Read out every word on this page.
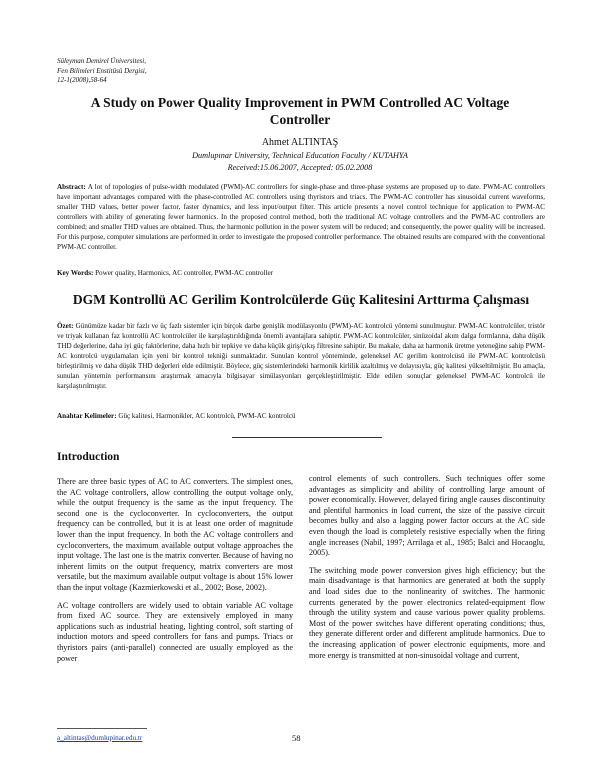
Süleyman Demirel Üniversitesi,
Fen Bilimleri Enstitüsü Dergisi,
12-1(2008),58-64
A Study on Power Quality Improvement in PWM Controlled AC Voltage Controller
Ahmet ALTINTAŞ
Dumlupınar University, Technical Education Faculty / KUTAHYA
Received:15.06.2007, Accepted: 05.02.2008
Abstract: A lot of topologies of pulse-width modulated (PWM)-AC controllers for single-phase and three-phase systems are proposed up to date. PWM-AC controllers have important advantages compared with the phase-controlled AC controllers using thyristors and triacs. The PWM-AC controller has sinusoidal current waveforms, smaller THD values, better power factor, faster dynamics, and less input/output filter. This article presents a novel control technique for application to PWM-AC controllers with ability of generating fewer harmonics. In the proposed control method, both the traditional AC voltage controllers and the PWM-AC controllers are combined; and smaller THD values are obtained. Thus, the harmonic pollution in the power system will be reduced; and consequently, the power quality will be increased. For this purpose, computer simulations are performed in order to investigate the proposed controller performance. The obtained results are compared with the conventional PWM-AC controller.
Key Words: Power quality, Harmonics, AC controller, PWM-AC controller
DGM Kontrollü AC Gerilim Kontrolcülerde Güç Kalitesini Arttırma Çalışması
Özet: Günümüze kadar bir fazlı ve üç fazlı sistemler için birçok darbe genişlik modülasyonlu (PWM)-AC kontrolcü yöntemi sunulmuştur. PWM-AC kontrolcüler, tristör ve triyak kullanan faz kontrollü AC kontrolcüler ile karşılaştırıldığında önemli avantajlara sahiptir. PWM-AC kontrolcüler, sinüzoidal akım dalga formlarına, daha düşük THD değerlerine, daha iyi güç faktörlerine, daha hızlı bir tepkiye ve daha küçük giriş/çıkış filtresine sahiptir. Bu makale, daha az harmonik üretme yeteneğine sahip PWM-AC kontrolcü uygulamaları için yeni bir kontrol tekniği sunmaktadır. Sunulan kontrol yönteminde, geleneksel AC gerilim kontrolcüsü ile PWM-AC kontrolcüsü birleştirilmiş ve daha düşük THD değerleri elde edilmiştir. Böylece, güç sistemlerindeki harmonik kirlilik azaltılmış ve dolayısıyla, güç kalitesi yükseltilmiştir. Bu amaçla, sunulan yöntemin performansını araştırmak amacıyla bilgisayar simülasyonları gerçekleştirilmiştir. Elde edilen sonuçlar geleneksel PWM-AC kontrolcü ile karşılaştırılmıştır.
Anahtar Kelimeler: Güç kalitesi, Harmonikler, AC kontrolcü, PWM-AC kontrolcü
Introduction

There are three basic types of AC to AC converters. The simplest ones, the AC voltage controllers, allow controlling the output voltage only, while the output frequency is the same as the input frequency. The second one is the cycloconverter. In cycloconverters, the output frequency can be controlled, but it is at least one order of magnitude lower than the input frequency. In both the AC voltage controllers and cycloconverters, the maximum available output voltage approaches the input voltage. The last one is the matrix converter. Because of having no inherent limits on the output frequency, matrix converters are most versatile, but the maximum available output voltage is about 15% lower than the input voltage (Kazmierkowski et al., 2002; Bose, 2002).

AC voltage controllers are widely used to obtain variable AC voltage from fixed AC source. They are extensively employed in many applications such as industrial heating, lighting control, soft starting of induction motors and speed controllers for fans and pumps. Triacs or thyristors pairs (anti-parallel) connected are usually employed as the power

control elements of such controllers. Such techniques offer some advantages as simplicity and ability of controlling large amount of power economically. However, delayed firing angle causes discontinuity and plentiful harmonics in load current, the size of the passive circuit becomes bulky and also a lagging power factor occurs at the AC side even though the load is completely resistive especially when the firing angle increases (Nabil, 1997; Arrilaga et al., 1985; Balci and Hocaoglu, 2005).

The switching mode power conversion gives high efficiency; but the main disadvantage is that harmonics are generated at both the supply and load sides due to the nonlinearity of switches. The harmonic currents generated by the power electronics related-equipment flow through the utility system and cause various power quality problems. Most of the power switches have different operating conditions; thus, they generate different order and different amplitude harmonics. Due to the increasing application of power electronic equipments, more and more energy is transmitted at non-sinusoidal voltage and current,

a_altintas@dumlupinar.edu.tr	58
